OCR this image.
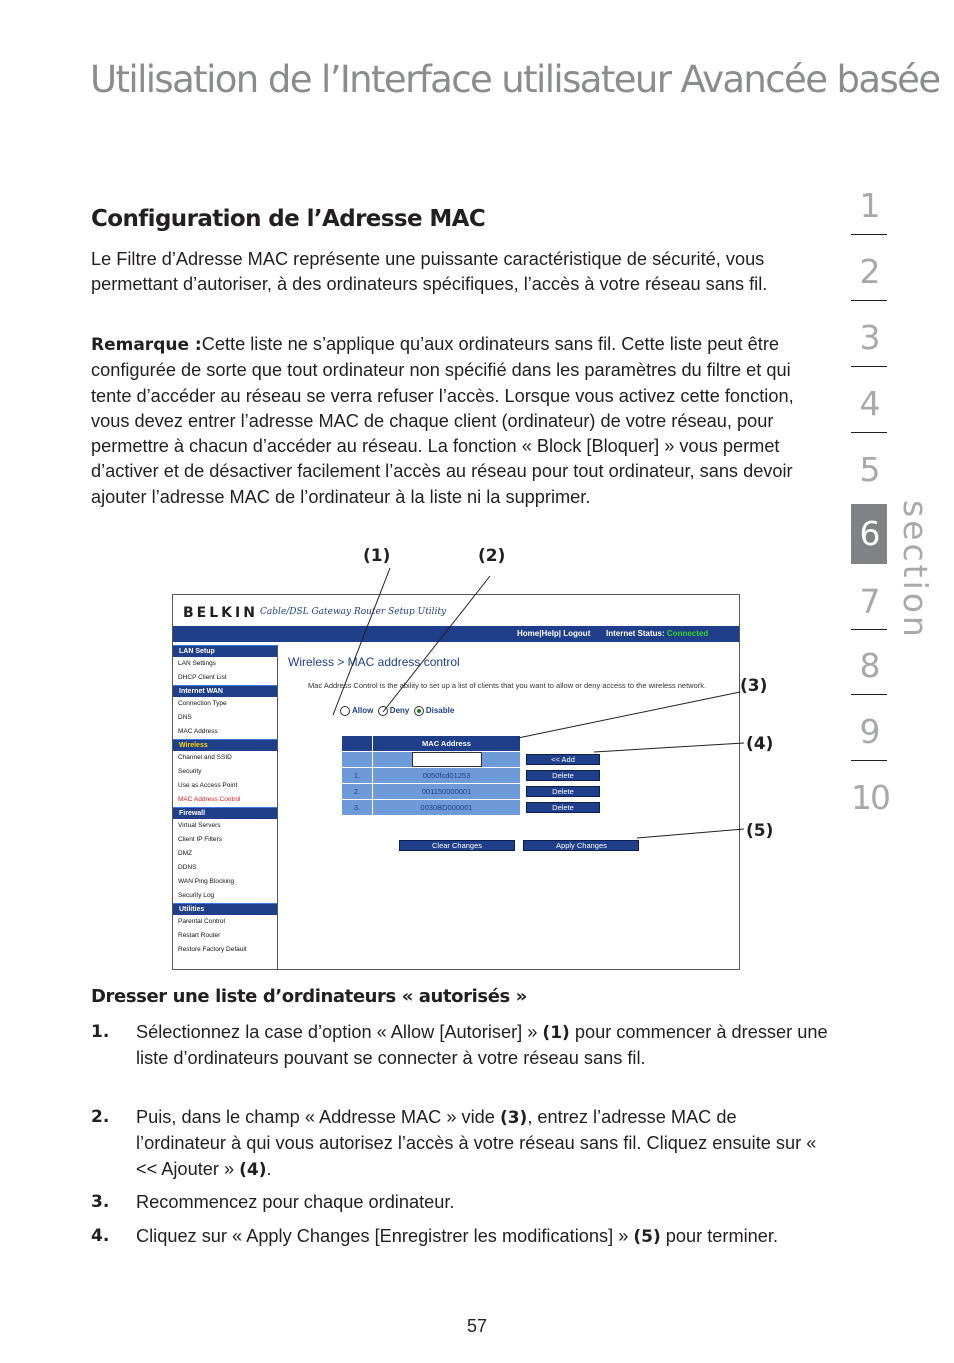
Utilisation de l’Interface utilisateur Avancée basée
1
2
3
4
5
6
7
8
9
10
section
Configuration de l’Adresse MAC
Le Filtre d’Adresse MAC représente une puissante caractéristique de sécurité, vous permettant d’autoriser, à des ordinateurs spécifiques, l’accès à votre réseau sans fil.
Remarque :Cette liste ne s’applique qu’aux ordinateurs sans fil. Cette liste peut être configurée de sorte que tout ordinateur non spécifié dans les paramètres du filtre et qui tente d’accéder au réseau se verra refuser l’accès. Lorsque vous activez cette fonction, vous devez entrer l’adresse MAC de chaque client (ordinateur) de votre réseau, pour permettre à chacun d’accéder au réseau. La fonction « Block [Bloquer] » vous permet d’activer et de désactiver facilement l’accès au réseau pour tout ordinateur, sans devoir ajouter l’adresse MAC de l’ordinateur à la liste ni la supprimer.
(1)	(2)
(3)
(4)
(5)
BELKIN Cable/DSL Gateway Router Setup Utility
Home|Help| Logout Internet Status: Connected
LAN Setup
LAN Settings
DHCP Client List
Internet WAN
Connection Type
DNS
MAC Address
Wireless
Channel and SSID
Security
Use as Access Point
MAC Address Control
Firewall
Virtual Servers
Client IP Filters
DMZ
DDNS
WAN Ping Blocking
Security Log
Utilities
Parental Control
Restart Router
Restore Factory Default
Wireless > MAC address control
Mac Address Control is the ability to set up a list of clients that you want to allow or deny access to the wireless network.
Allow Deny Disable
	MAC Address		

		<< Add
1.	0050fcd01253		Delete
2.	001150000001		Delete
3.	0030BD000001		Delete
Clear Changes	Apply Changes
Dresser une liste d’ordinateurs « autorisés »
1. Sélectionnez la case d’option « Allow [Autoriser] » (1) pour commencer à dresser une liste d’ordinateurs pouvant se connecter à votre réseau sans fil.
2. Puis, dans le champ « Addresse MAC » vide (3), entrez l’adresse MAC de l’ordinateur à qui vous autorisez l’accès à votre réseau sans fil. Cliquez ensuite sur « << Ajouter » (4).
3. Recommencez pour chaque ordinateur.
4. Cliquez sur « Apply Changes [Enregistrer les modifications] » (5) pour terminer.
57
